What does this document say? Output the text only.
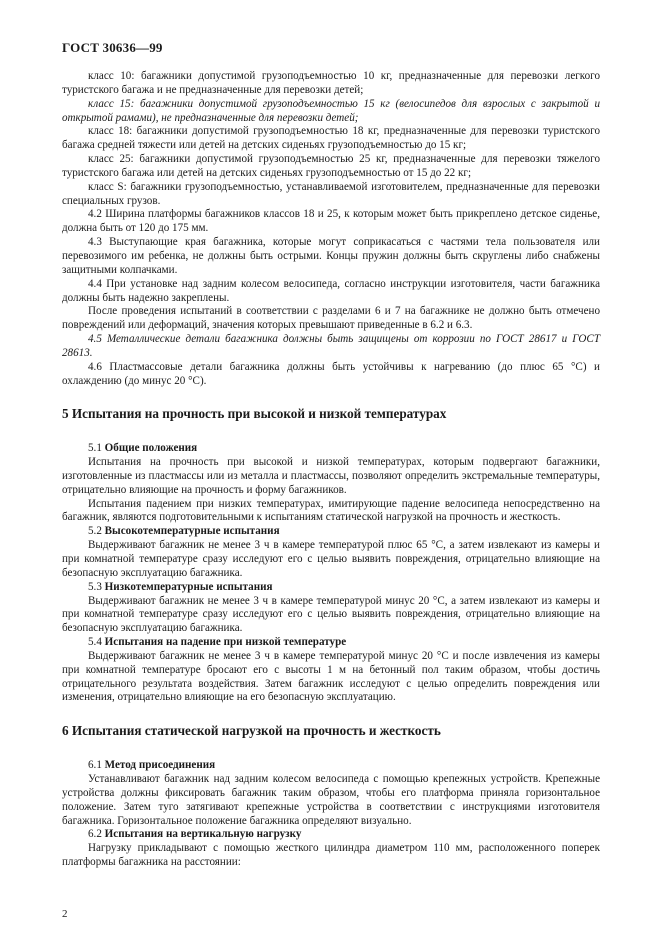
ГОСТ 30636—99

класс 10: багажники допустимой грузоподъемностью 10 кг, предназначенные для перевозки легкого туристского багажа и не предназначенные для перевозки детей;

класс 15: багажники допустимой грузоподъемностью 15 кг (велосипедов для взрослых с закрытой и открытой рамами), не предназначенные для перевозки детей;

класс 18: багажники допустимой грузоподъемностью 18 кг, предназначенные для перевозки туристского багажа средней тяжести или детей на детских сиденьях грузоподъемностью до 15 кг;

класс 25: багажники допустимой грузоподъемностью 25 кг, предназначенные для перевозки тяжелого туристского багажа или детей на детских сиденьях грузоподъемностью от 15 до 22 кг;

класс S: багажники грузоподъемностью, устанавливаемой изготовителем, предназначенные для перевозки специальных грузов.

4.2 Ширина платформы багажников классов 18 и 25, к которым может быть прикреплено детское сиденье, должна быть от 120 до 175 мм.

4.3 Выступающие края багажника, которые могут соприкасаться с частями тела пользователя или перевозимого им ребенка, не должны быть острыми. Концы пружин должны быть скруглены либо снабжены защитными колпачками.

4.4 При установке над задним колесом велосипеда, согласно инструкции изготовителя, части багажника должны быть надежно закреплены.

После проведения испытаний в соответствии с разделами 6 и 7 на багажнике не должно быть отмечено повреждений или деформаций, значения которых превышают приведенные в 6.2 и 6.3.

4.5 Металлические детали багажника должны быть защищены от коррозии по ГОСТ 28617 и ГОСТ 28613.

4.6 Пластмассовые детали багажника должны быть устойчивы к нагреванию (до плюс 65 °С) и охлаждению (до минус 20 °С).

5 Испытания на прочность при высокой и низкой температурах

5.1 Общие положения

Испытания на прочность при высокой и низкой температурах, которым подвергают багажники, изготовленные из пластмассы или из металла и пластмассы, позволяют определить экстремальные температуры, отрицательно влияющие на прочность и форму багажников.

Испытания падением при низких температурах, имитирующие падение велосипеда непосредственно на багажник, являются подготовительными к испытаниям статической нагрузкой на прочность и жесткость.

5.2 Высокотемпературные испытания

Выдерживают багажник не менее 3 ч в камере температурой плюс 65 °С, а затем извлекают из камеры и при комнатной температуре сразу исследуют его с целью выявить повреждения, отрицательно влияющие на безопасную эксплуатацию багажника.

5.3 Низкотемпературные испытания

Выдерживают багажник не менее 3 ч в камере температурой минус 20 °С, а затем извлекают из камеры и при комнатной температуре сразу исследуют его с целью выявить повреждения, отрицательно влияющие на безопасную эксплуатацию багажника.

5.4 Испытания на падение при низкой температуре

Выдерживают багажник не менее 3 ч в камере температурой минус 20 °С и после извлечения из камеры при комнатной температуре бросают его с высоты 1 м на бетонный пол таким образом, чтобы достичь отрицательного результата воздействия. Затем багажник исследуют с целью определить повреждения или изменения, отрицательно влияющие на его безопасную эксплуатацию.

6 Испытания статической нагрузкой на прочность и жесткость

6.1 Метод присоединения

Устанавливают багажник над задним колесом велосипеда с помощью крепежных устройств. Крепежные устройства должны фиксировать багажник таким образом, чтобы его платформа приняла горизонтальное положение. Затем туго затягивают крепежные устройства в соответствии с инструкциями изготовителя багажника. Горизонтальное положение багажника определяют визуально.

6.2 Испытания на вертикальную нагрузку

Нагрузку прикладывают с помощью жесткого цилиндра диаметром 110 мм, расположенного поперек платформы багажника на расстоянии:

2
